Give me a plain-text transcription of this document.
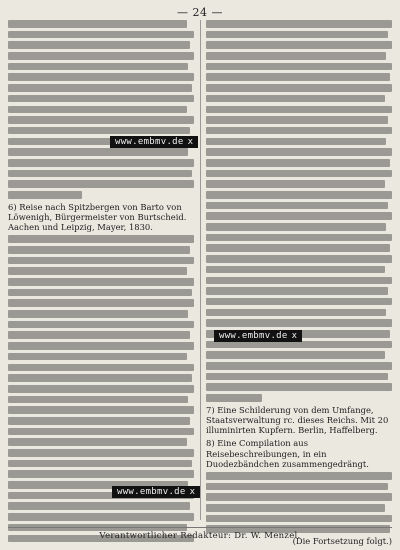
— 24 —
6) Reise nach Spitzbergen von Barto von Löwenigh, Bürgermeister von Burtscheid. Aachen und Leipzig, Mayer, 1830.
7) Eine Schilderung von dem Umfange, Staatsverwaltung rc. dieses Reichs. Mit 20 illuminirten Kupfern. Berlin, Haffelberg.
8) Eine Compilation aus Reisebeschreibungen, in ein Duodezbändchen zusammengedrängt.
(Die Fortsetzung folgt.)
Verantwortlicher Redakteur: Dr. W. Menzel.
www.embmv.de x
www.embmv.de x
www.embmv.de x
